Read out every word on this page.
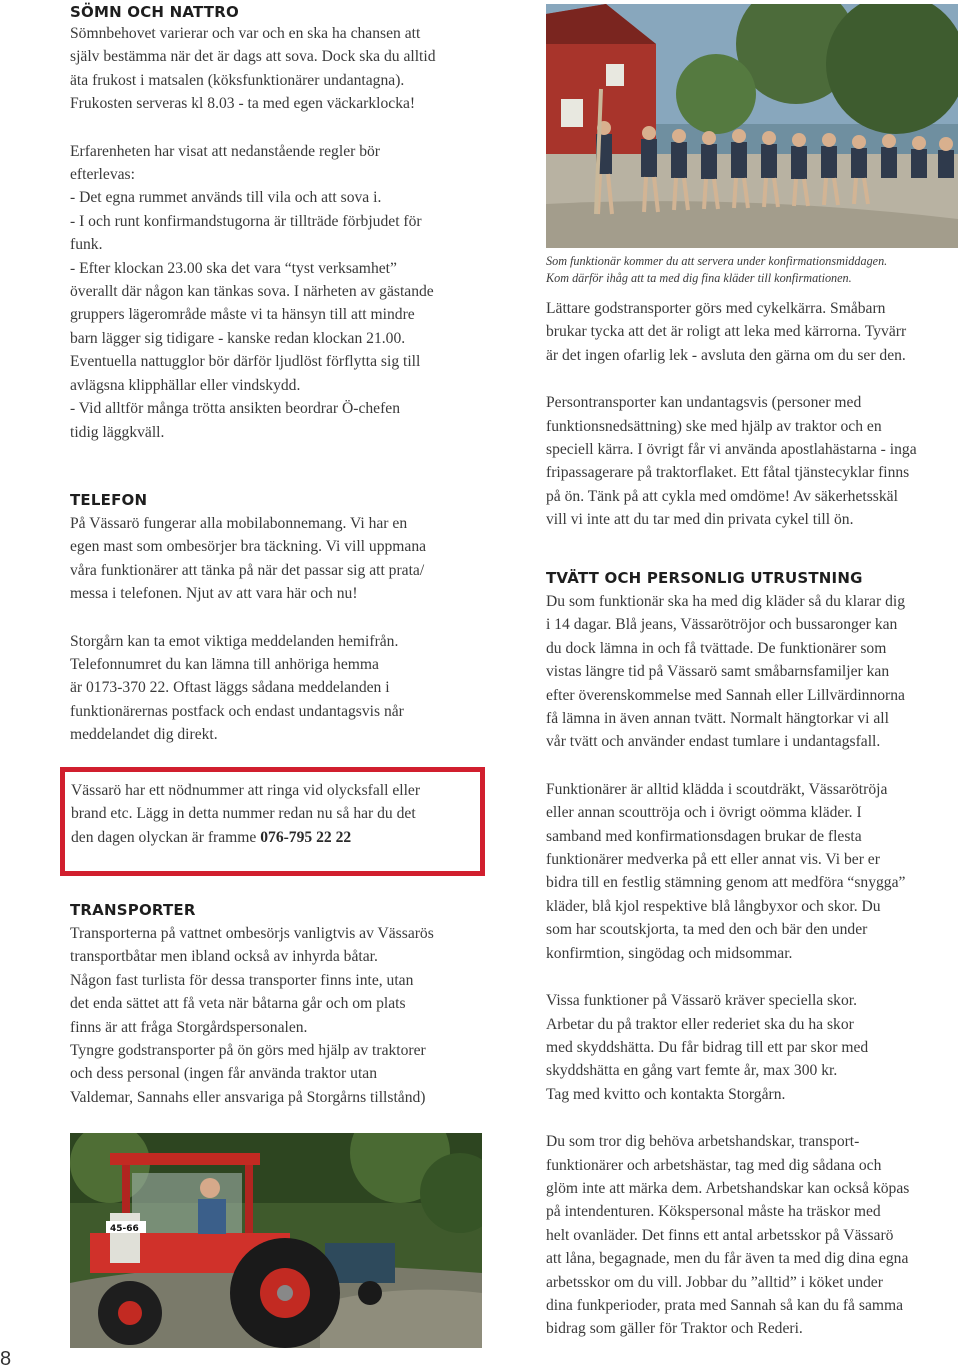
SÖMN OCH NATTRO

Sömnbehovet varierar och var och en ska ha chansen att

själv bestämma när det är dags att sova. Dock ska du alltid

äta frukost i matsalen (köksfunktionärer undantagna).

Frukosten serveras kl 8.03 - ta med egen väckarklocka!

Erfarenheten har visat att nedanstående regler bör

efterlevas:

- Det egna rummet används till vila och att sova i.

- I och runt konfirmandstugorna är tillträde förbjudet för

funk.

- Efter klockan 23.00 ska det vara “tyst verksamhet”

överallt där någon kan tänkas sova. I närheten av gästande

gruppers lägerområde måste vi ta hänsyn till att mindre

barn lägger sig tidigare - kanske redan klockan 21.00.

Eventuella nattugglor bör därför ljudlöst förflytta sig till

avlägsna klipphällar eller vindskydd.

- Vid alltför många trötta ansikten beordrar Ö-chefen

tidig läggkväll.

TELEFON

På Vässarö fungerar alla mobilabonnemang. Vi har en

egen mast som ombesörjer bra täckning. Vi vill uppmana

våra funktionärer att tänka på när det passar sig att prata/

messa i telefonen. Njut av att vara här och nu!

Storgårn kan ta emot viktiga meddelanden hemifrån.

Telefonnumret du kan lämna till anhöriga hemma

är 0173-370 22. Oftast läggs sådana meddelanden i

funktionärernas postfack och endast undantagsvis når

meddelandet dig direkt.

Vässarö har ett nödnummer att ringa vid olycksfall eller
brand etc. Lägg in detta nummer redan nu så har du det
den dagen olyckan är framme 076-795 22 22
TRANSPORTER

Transporterna på vattnet ombesörjs vanligtvis av Vässarös

transportbåtar men ibland också av inhyrda båtar.

Någon fast turlista för dessa transporter finns inte, utan

det enda sättet att få veta när båtarna går och om plats

finns är att fråga Storgårdspersonalen.

Tyngre godstransporter på ön görs med hjälp av traktorer

och dess personal (ingen får använda traktor utan

Valdemar, Sannahs eller ansvariga på Storgårns tillstånd)

45-66
Som funktionär kommer du att servera under konfirmationsmiddagen.
Kom därför ihåg att ta med dig fina kläder till konfirmationen.

Lättare godstransporter görs med cykelkärra. Småbarn

brukar tycka att det är roligt att leka med kärrorna. Tyvärr

är det ingen ofarlig lek - avsluta den gärna om du ser den.

Persontransporter kan undantagsvis (personer med

funktionsnedsättning) ske med hjälp av traktor och en

speciell kärra. I övrigt får vi använda apostlahästarna - inga

fripassagerare på traktorflaket. Ett fåtal tjänstecyklar finns

på ön. Tänk på att cykla med omdöme! Av säkerhetsskäl

vill vi inte att du tar med din privata cykel till ön.

TVÄTT OCH PERSONLIG UTRUSTNING

Du som funktionär ska ha med dig kläder så du klarar dig

i 14 dagar. Blå jeans, Vässarötröjor och bussaronger kan

du dock lämna in och få tvättade. De funktionärer som

vistas längre tid på Vässarö samt småbarnsfamiljer kan

efter överenskommelse med Sannah eller Lillvärdinnorna

få lämna in även annan tvätt. Normalt hängtorkar vi all

vår tvätt och använder endast tumlare i undantagsfall.

Funktionärer är alltid klädda i scoutdräkt, Vässarötröja

eller annan scouttröja och i övrigt oömma kläder. I

samband med konfirmationsdagen brukar de flesta

funktionärer medverka på ett eller annat vis. Vi ber er

bidra till en festlig stämning genom att medföra “snygga”

kläder, blå kjol respektive blå långbyxor och skor. Du

som har scoutskjorta, ta med den och bär den under

konfirmtion, singödag och midsommar.

Vissa funktioner på Vässarö kräver speciella skor.

Arbetar du på traktor eller rederiet ska du ha skor

med skyddshätta. Du får bidrag till ett par skor med

skyddshätta en gång vart femte år, max 300 kr.

Tag med kvitto och kontakta Storgårn.

Du som tror dig behöva arbetshandskar, transport-

funktionärer och arbetshästar, tag med dig sådana och

glöm inte att märka dem. Arbetshandskar kan också köpas

på intendenturen. Kökspersonal måste ha träskor med

helt ovanläder. Det finns ett antal arbetsskor på Vässarö

att låna, begagnade, men du får även ta med dig dina egna

arbetsskor om du vill. Jobbar du ”alltid” i köket under

dina funkperioder, prata med Sannah så kan du få samma

bidrag som gäller för Traktor och Rederi.

8
